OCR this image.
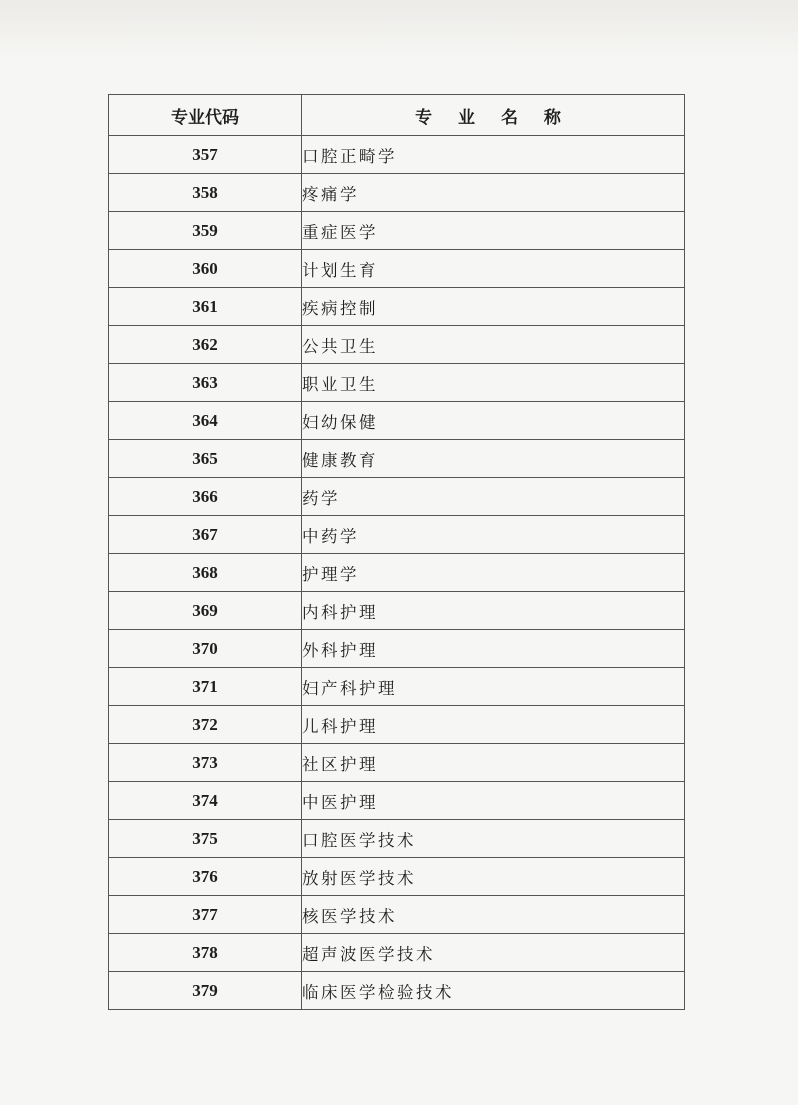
专业代码	专 业 名 称
357	口腔正畸学
358	疼痛学
359	重症医学
360	计划生育
361	疾病控制
362	公共卫生
363	职业卫生
364	妇幼保健
365	健康教育
366	药学
367	中药学
368	护理学
369	内科护理
370	外科护理
371	妇产科护理
372	儿科护理
373	社区护理
374	中医护理
375	口腔医学技术
376	放射医学技术
377	核医学技术
378	超声波医学技术
379	临床医学检验技术
